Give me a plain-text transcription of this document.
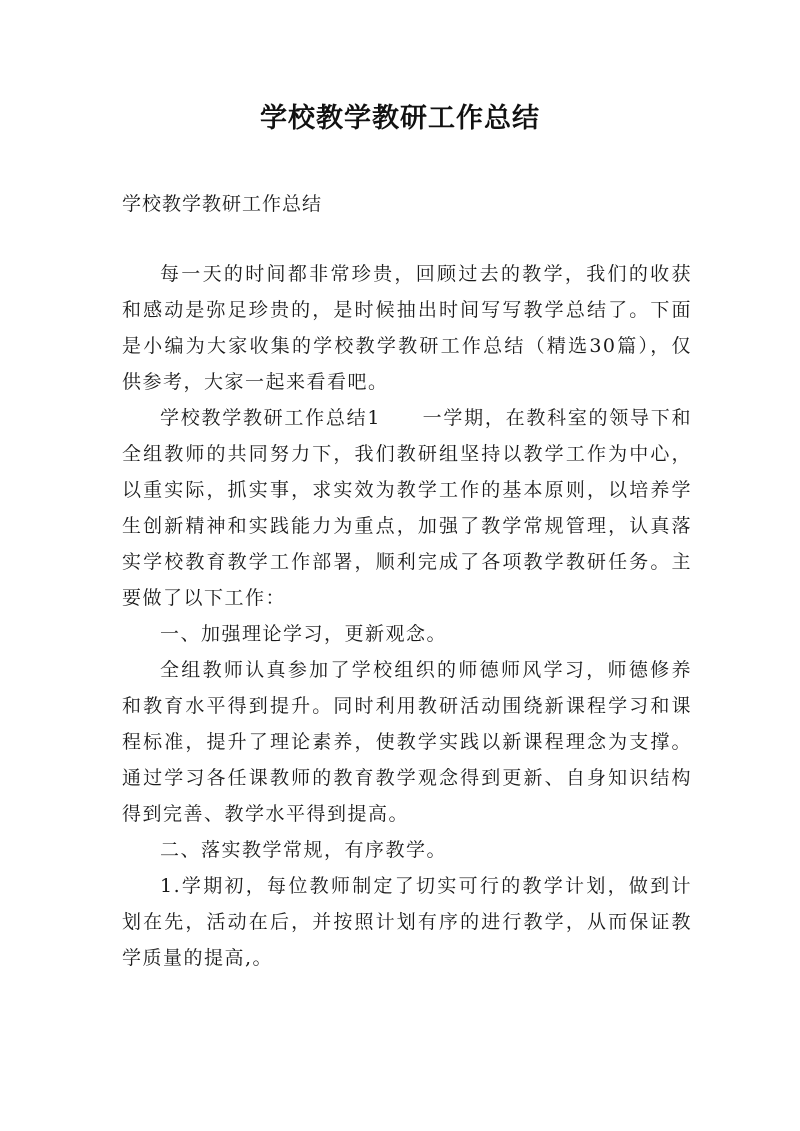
学校教学教研工作总结

学校教学教研工作总结

每一天的时间都非常珍贵，回顾过去的教学，我们的收获和感动是弥足珍贵的，是时候抽出时间写写教学总结了。下面是小编为大家收集的学校教学教研工作总结（精选30篇），仅供参考，大家一起来看看吧。

学校教学教研工作总结1　　一学期，在教科室的领导下和全组教师的共同努力下，我们教研组坚持以教学工作为中心，以重实际，抓实事，求实效为教学工作的基本原则，以培养学生创新精神和实践能力为重点，加强了教学常规管理，认真落实学校教育教学工作部署，顺利完成了各项教学教研任务。主要做了以下工作：

一、加强理论学习，更新观念。

全组教师认真参加了学校组织的师德师风学习，师德修养和教育水平得到提升。同时利用教研活动围绕新课程学习和课程标准，提升了理论素养，使教学实践以新课程理念为支撑。通过学习各任课教师的教育教学观念得到更新、自身知识结构得到完善、教学水平得到提高。

二、落实教学常规，有序教学。

1.学期初，每位教师制定了切实可行的教学计划，做到计划在先，活动在后，并按照计划有序的进行教学，从而保证教学质量的提高,。
